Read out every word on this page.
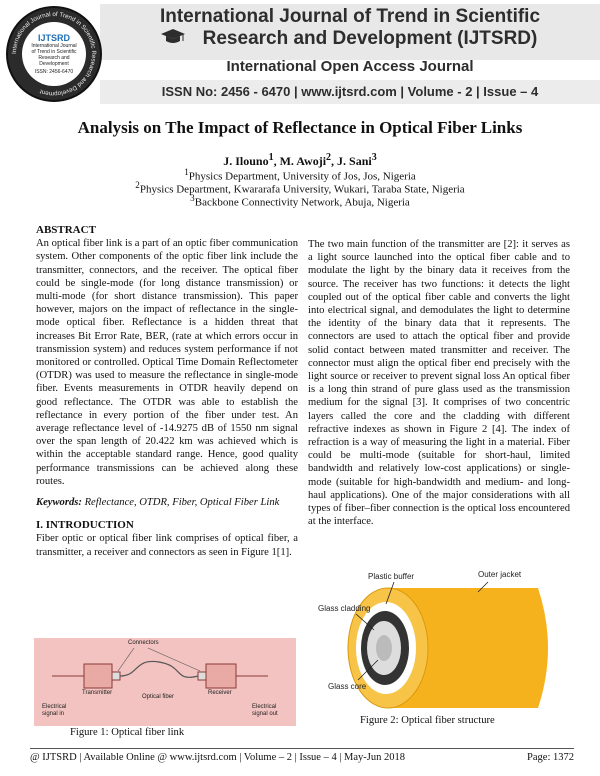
International Journal of Trend in Scientific Research and Development
IJTSRD
International Journal
of Trend in Scientific
Research and
Development
ISSN: 2456-6470
International Journal of Trend in Scientific
Research and Development (IJTSRD)
International Open Access Journal
ISSN No: 2456 - 6470 | www.ijtsrd.com | Volume - 2 | Issue – 4
Analysis on The Impact of Reflectance in Optical Fiber Links
J. Ilouno$^1$, M. Awoji$^2$, J. Sani$^3$
$^1$Physics Department, University of Jos, Jos, Nigeria
$^2$Physics Department, Kwararafa University, Wukari, Taraba State, Nigeria
$^3$Backbone Connectivity Network, Abuja, Nigeria
ABSTRACT
An optical fiber link is a part of an optic fiber communication system. Other components of the optic fiber link include the transmitter, connectors, and the receiver. The optical fiber could be single-mode (for long distance transmission) or multi-mode (for short distance transmission). This paper however, majors on the impact of reflectance in the single-mode optical fiber. Reflectance is a hidden threat that increases Bit Error Rate, BER, (rate at which errors occur in transmission system) and reduces system performance if not monitored or controlled. Optical Time Domain Reflectometer (OTDR) was used to measure the reflectance in single-mode fiber. Events measurements in OTDR heavily depend on good reflectance. The OTDR was able to establish the reflectance in every portion of the fiber under test. An average reflectance level of -14.9275 dB of 1550 nm signal over the span length of 20.422 km was achieved which is within the acceptable standard range. Hence, good quality performance transmissions can be achieved along these routes.
Keywords: Reflectance, OTDR, Fiber, Optical Fiber Link
I. INTRODUCTION
Fiber optic or optical fiber link comprises of optical fiber, a transmitter, a receiver and connectors as seen in Figure 1[1].
Connectors
Transmitter
Optical fiber
Receiver
Electrical
signal in
Electrical
signal out
Figure 1: Optical fiber link
The two main function of the transmitter are [2]: it serves as a light source launched into the optical fiber cable and to modulate the light by the binary data it receives from the source. The receiver has two functions: it detects the light coupled out of the optical fiber cable and converts the light into electrical signal, and demodulates the light to determine the identity of the binary data that it represents. The connectors are used to attach the optical fiber and provide solid contact between mated transmitter and receiver. The connector must align the optical fiber end precisely with the light source or receiver to prevent signal loss An optical fiber is a long thin strand of pure glass used as the transmission medium for the signal [3]. It comprises of two concentric layers called the core and the cladding with different refractive indexes as shown in Figure 2 [4]. The index of refraction is a way of measuring the light in a material. Fiber could be multi-mode (suitable for short-haul, limited bandwidth and relatively low-cost applications) or single-mode (suitable for high-bandwidth and medium- and long-haul applications). One of the major considerations with all types of fiber–fiber connection is the optical loss encountered at the interface.
Plastic buffer	Outer jacket
Glass cladding
Glass core
Figure 2: Optical fiber structure
@ IJTSRD | Available Online @ www.ijtsrd.com | Volume – 2 | Issue – 4 | May-Jun 2018	Page: 1372
